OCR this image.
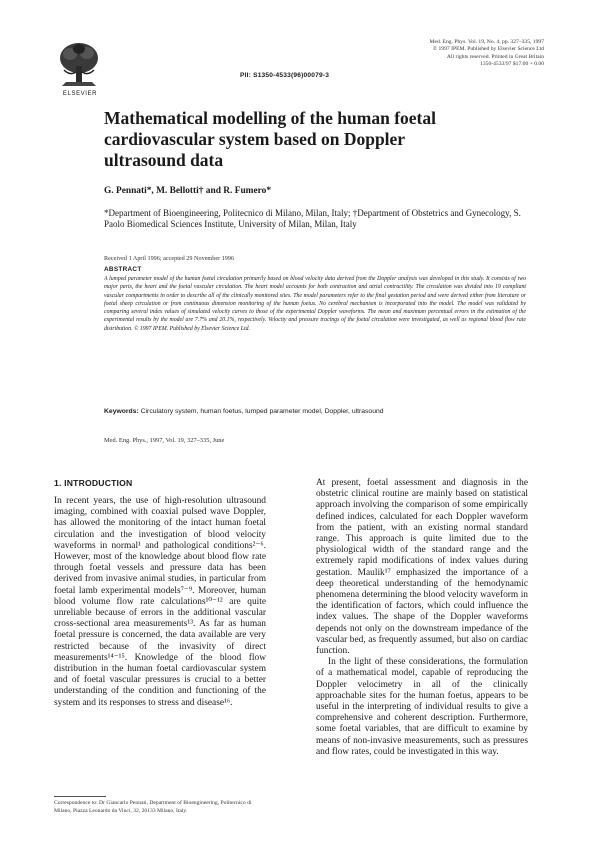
ELSEVIER
Med. Eng. Phys. Vol. 19, No. 4, pp. 327–335, 1997
© 1997 IPEM. Published by Elsevier Science Ltd
All rights reserved. Printed in Great Britain
1350-4533/97 $17.00 + 0.00
PII: S1350-4533(96)00079-3
Mathematical modelling of the human foetal cardiovascular system based on Doppler ultrasound data
G. Pennati*, M. Bellotti† and R. Fumero*
*Department of Bioengineering, Politecnico di Milano, Milan, Italy; †Department of Obstetrics and Gynecology, S. Paolo Biomedical Sciences Institute, University of Milan, Milan, Italy
Received 1 April 1996; accepted 29 November 1996
ABSTRACT

A lumped parameter model of the human foetal circulation primarily based on blood velocity data derived from the Doppler analysis was developed in this study. It consists of two major parts, the heart and the foetal vascular circulation. The heart model accounts for both contraction and atrial contractility. The circulation was divided into 19 compliant vascular compartments in order to describe all of the clinically monitored sites. The model parameters refer to the final gestation period and were derived either from literature or foetal sheep circulation or from continuous dimension monitoring of the human foetus. No cerebral mechanism is incorporated into the model. The model was validated by comparing several index values of simulated velocity curves to those of the experimental Doppler waveforms. The mean and maximum percentual errors in the estimation of the experimental results by the model are 7.7% and 20.1%, respectively. Velocity and pressure tracings of the foetal circulation were investigated, as well as regional blood flow rate distribution. © 1997 IPEM. Published by Elsevier Science Ltd.

Keywords: Circulatory system, human foetus, lumped parameter model, Doppler, ultrasound
Med. Eng. Phys., 1997, Vol. 19, 327–335, June
1. INTRODUCTION

In recent years, the use of high-resolution ultrasound imaging, combined with coaxial pulsed wave Doppler, has allowed the monitoring of the intact human foetal circulation and the investigation of blood velocity waveforms in normal¹ and pathological conditions²⁻⁶. However, most of the knowledge about blood flow rate through foetal vessels and pressure data has been derived from invasive animal studies, in particular from foetal lamb experimental models⁷⁻⁹. Moreover, human blood volume flow rate calculations¹⁰⁻¹² are quite unreliable because of errors in the additional vascular cross-sectional area measurements¹³. As far as human foetal pressure is concerned, the data available are very restricted because of the invasivity of direct measurements¹⁴⁻¹⁵. Knowledge of the blood flow distribution in the human foetal cardiovascular system and of foetal vascular pressures is crucial to a better understanding of the condition and functioning of the system and its responses to stress and disease¹⁶.

At present, foetal assessment and diagnosis in the obstetric clinical routine are mainly based on statistical approach involving the comparison of some empirically defined indices, calculated for each Doppler waveform from the patient, with an existing normal standard range. This approach is quite limited due to the physiological width of the standard range and the extremely rapid modifications of index values during gestation. Maulik¹⁷ emphasized the importance of a deep theoretical understanding of the hemodynamic phenomena determining the blood velocity waveform in the identification of factors, which could influence the index values. The shape of the Doppler waveforms depends not only on the downstream impedance of the vascular bed, as frequently assumed, but also on cardiac function.

In the light of these considerations, the formulation of a mathematical model, capable of reproducing the Doppler velocimetry in all of the clinically approachable sites for the human foetus, appears to be useful in the interpreting of individual results to give a comprehensive and coherent description. Furthermore, some foetal variables, that are difficult to examine by means of non-invasive measurements, such as pressures and flow rates, could be investigated in this way.

Correspondence to: Dr Giancarlo Pennati, Department of Bioengineering, Politecnico di Milano, Piazza Leonardo da Vinci, 32, 20133 Milano, Italy.
